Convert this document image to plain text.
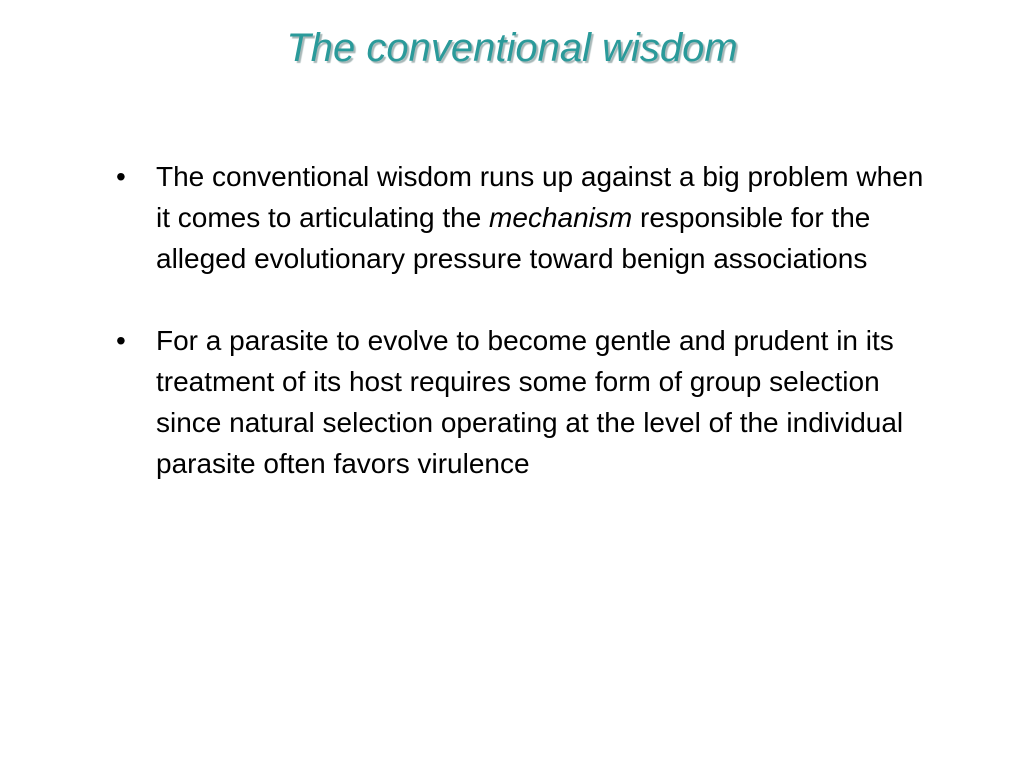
The conventional wisdom
• The conventional wisdom runs up against a big problem when it comes to articulating the mechanism responsible for the alleged evolutionary pressure toward benign associations
• For a parasite to evolve to become gentle and prudent in its treatment of its host requires some form of group selection since natural selection operating at the level of the individual parasite often favors virulence
